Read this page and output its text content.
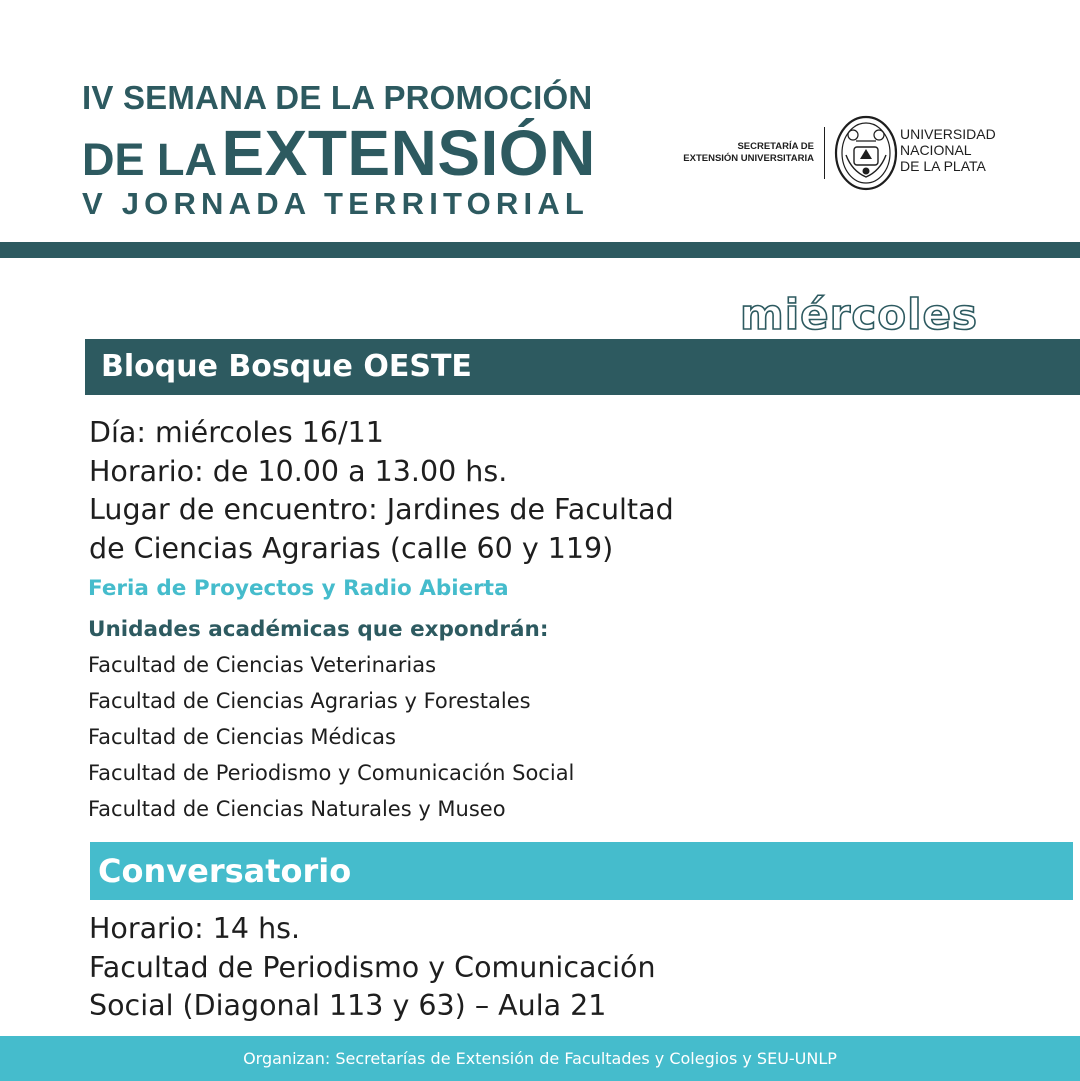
IV SEMANA DE LA PROMOCIÓN
DE LA EXTENSIÓN
V JORNADA TERRITORIAL
SECRETARÍA DE
EXTENSIÓN UNIVERSITARIA
UNIVERSIDAD
NACIONAL
DE LA PLATA
miércoles
Bloque Bosque OESTE
Día: miércoles 16/11
Horario: de 10.00 a 13.00 hs.
Lugar de encuentro: Jardines de Facultad
de Ciencias Agrarias (calle 60 y 119)
Feria de Proyectos y Radio Abierta
Unidades académicas que expondrán:
Facultad de Ciencias Veterinarias
Facultad de Ciencias Agrarias y Forestales
Facultad de Ciencias Médicas
Facultad de Periodismo y Comunicación Social
Facultad de Ciencias Naturales y Museo
Conversatorio
Horario: 14 hs.
Facultad de Periodismo y Comunicación
Social (Diagonal 113 y 63) – Aula 21
Organizan: Secretarías de Extensión de Facultades y Colegios y SEU-UNLP
